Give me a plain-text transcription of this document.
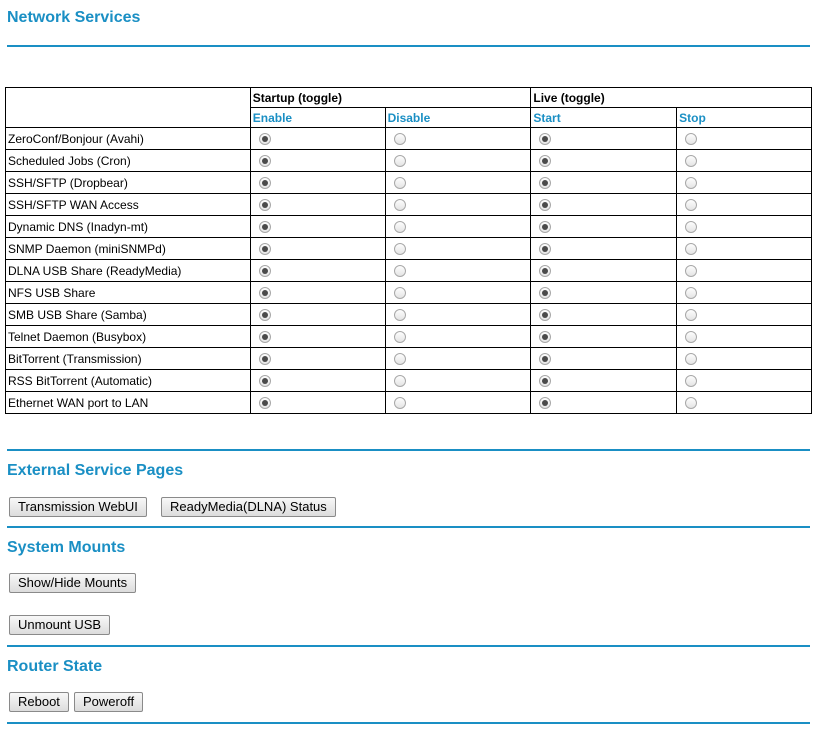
Network Services
	Startup (toggle)		Live (toggle)	
	Enable	Disable	Start	Stop
ZeroConf/Bonjour (Avahi)				
Scheduled Jobs (Cron)				
SSH/SFTP (Dropbear)				
SSH/SFTP WAN Access				
Dynamic DNS (Inadyn-mt)				
SNMP Daemon (miniSNMPd)				
DLNA USB Share (ReadyMedia)				
NFS USB Share				
SMB USB Share (Samba)				
Telnet Daemon (Busybox)				
BitTorrent (Transmission)				
RSS BitTorrent (Automatic)				
Ethernet WAN port to LAN				
External Service Pages
Transmission WebUI	ReadyMedia(DLNA) Status
System Mounts
Show/Hide Mounts
Unmount USB
Router State
Reboot	Poweroff
